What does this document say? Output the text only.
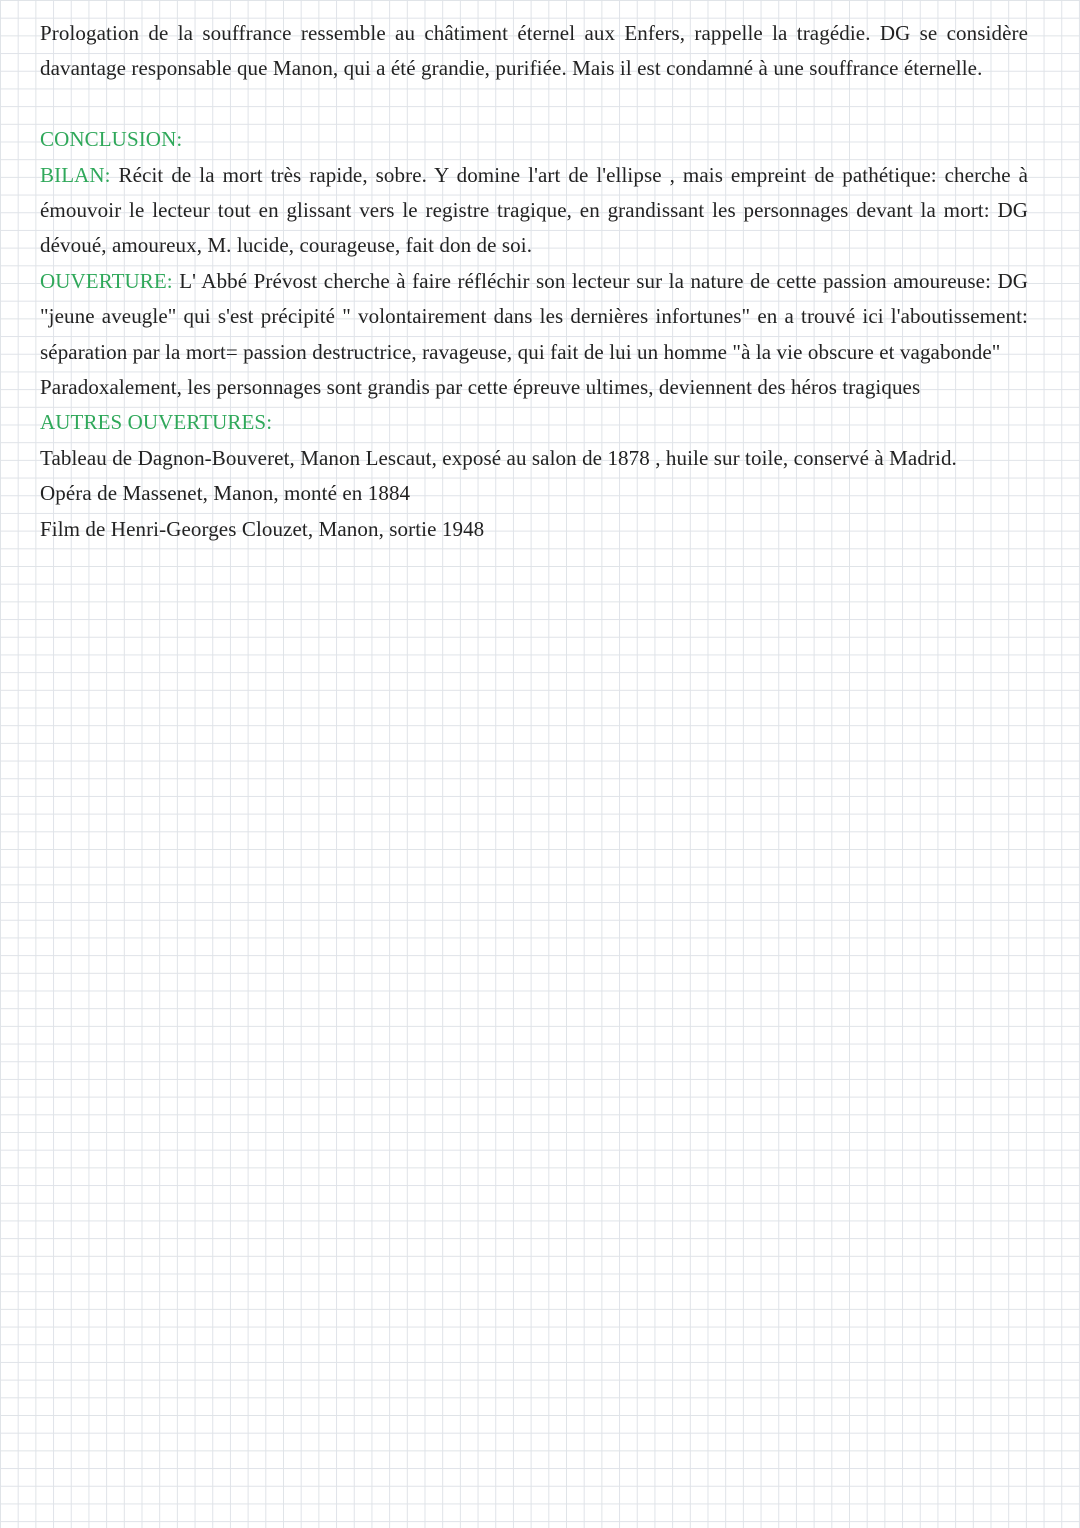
Prologation de la souffrance ressemble au châtiment éternel aux Enfers, rappelle la tragédie. DG se considère davantage responsable que Manon, qui a été grandie, purifiée. Mais il est condamné à une souffrance éternelle.

CONCLUSION:

BILAN: Récit de la mort très rapide, sobre. Y domine l'art de l'ellipse , mais empreint de pathétique: cherche à émouvoir le lecteur tout en glissant vers le registre tragique, en grandissant les personnages devant la mort: DG dévoué, amoureux, M. lucide, courageuse, fait don de soi.

OUVERTURE: L' Abbé Prévost cherche à faire réfléchir son lecteur sur la nature de cette passion amoureuse: DG "jeune aveugle" qui s'est précipité " volontairement dans les dernières infortunes" en a trouvé ici l'aboutissement: séparation par la mort= passion destructrice, ravageuse, qui fait de lui un homme "à la vie obscure et vagabonde"

Paradoxalement, les personnages sont grandis par cette épreuve ultimes, deviennent des héros tragiques

AUTRES OUVERTURES:

Tableau de Dagnon-Bouveret, Manon Lescaut, exposé au salon de 1878 , huile sur toile, conservé à Madrid.

Opéra de Massenet, Manon, monté en 1884

Film de Henri-Georges Clouzet, Manon, sortie 1948
